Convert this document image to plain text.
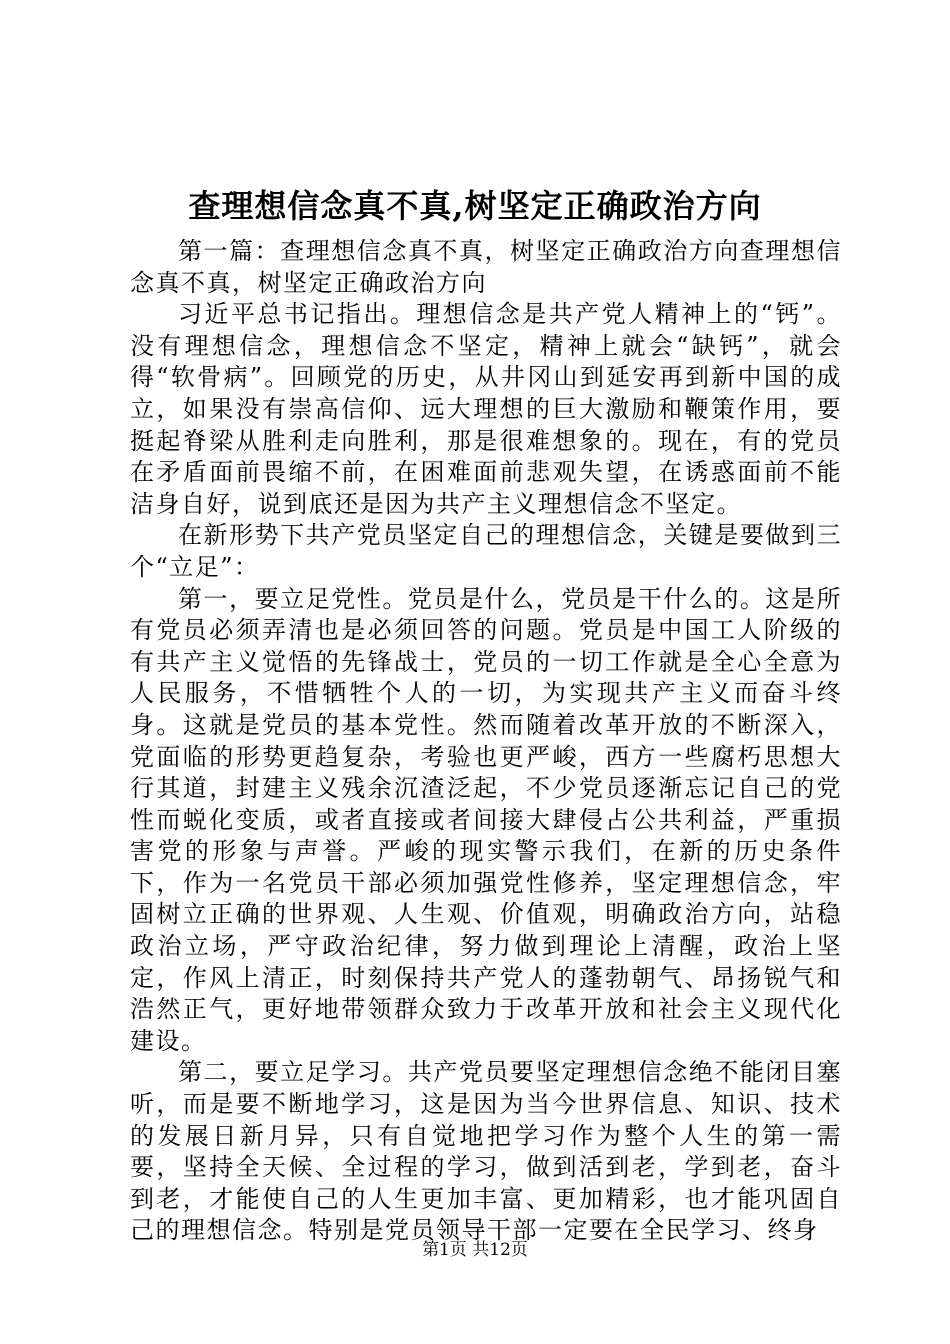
查理想信念真不真,树坚定正确政治方向

第一篇：查理想信念真不真，树坚定正确政治方向查理想信念真不真，树坚定正确政治方向

习近平总书记指出。理想信念是共产党人精神上的“钙”。没有理想信念，理想信念不坚定，精神上就会“缺钙”，就会得“软骨病”。回顾党的历史，从井冈山到延安再到新中国的成立，如果没有崇高信仰、远大理想的巨大激励和鞭策作用，要挺起脊梁从胜利走向胜利，那是很难想象的。现在，有的党员在矛盾面前畏缩不前，在困难面前悲观失望，在诱惑面前不能洁身自好，说到底还是因为共产主义理想信念不坚定。

在新形势下共产党员坚定自己的理想信念，关键是要做到三个“立足”：

第一，要立足党性。党员是什么，党员是干什么的。这是所有党员必须弄清也是必须回答的问题。党员是中国工人阶级的有共产主义觉悟的先锋战士，党员的一切工作就是全心全意为人民服务，不惜牺牲个人的一切，为实现共产主义而奋斗终身。这就是党员的基本党性。然而随着改革开放的不断深入，党面临的形势更趋复杂，考验也更严峻，西方一些腐朽思想大行其道，封建主义残余沉渣泛起，不少党员逐渐忘记自己的党性而蜕化变质，或者直接或者间接大肆侵占公共利益，严重损害党的形象与声誉。严峻的现实警示我们，在新的历史条件下，作为一名党员干部必须加强党性修养，坚定理想信念，牢固树立正确的世界观、人生观、价值观，明确政治方向，站稳政治立场，严守政治纪律，努力做到理论上清醒，政治上坚定，作风上清正，时刻保持共产党人的蓬勃朝气、昂扬锐气和浩然正气，更好地带领群众致力于改革开放和社会主义现代化建设。

第二，要立足学习。共产党员要坚定理想信念绝不能闭目塞听，而是要不断地学习，这是因为当今世界信息、知识、技术的发展日新月异，只有自觉地把学习作为整个人生的第一需要，坚持全天候、全过程的学习，做到活到老，学到老，奋斗到老，才能使自己的人生更加丰富、更加精彩，也才能巩固自己的理想信念。特别是党员领导干部一定要在全民学习、终身

第1页 共12页
